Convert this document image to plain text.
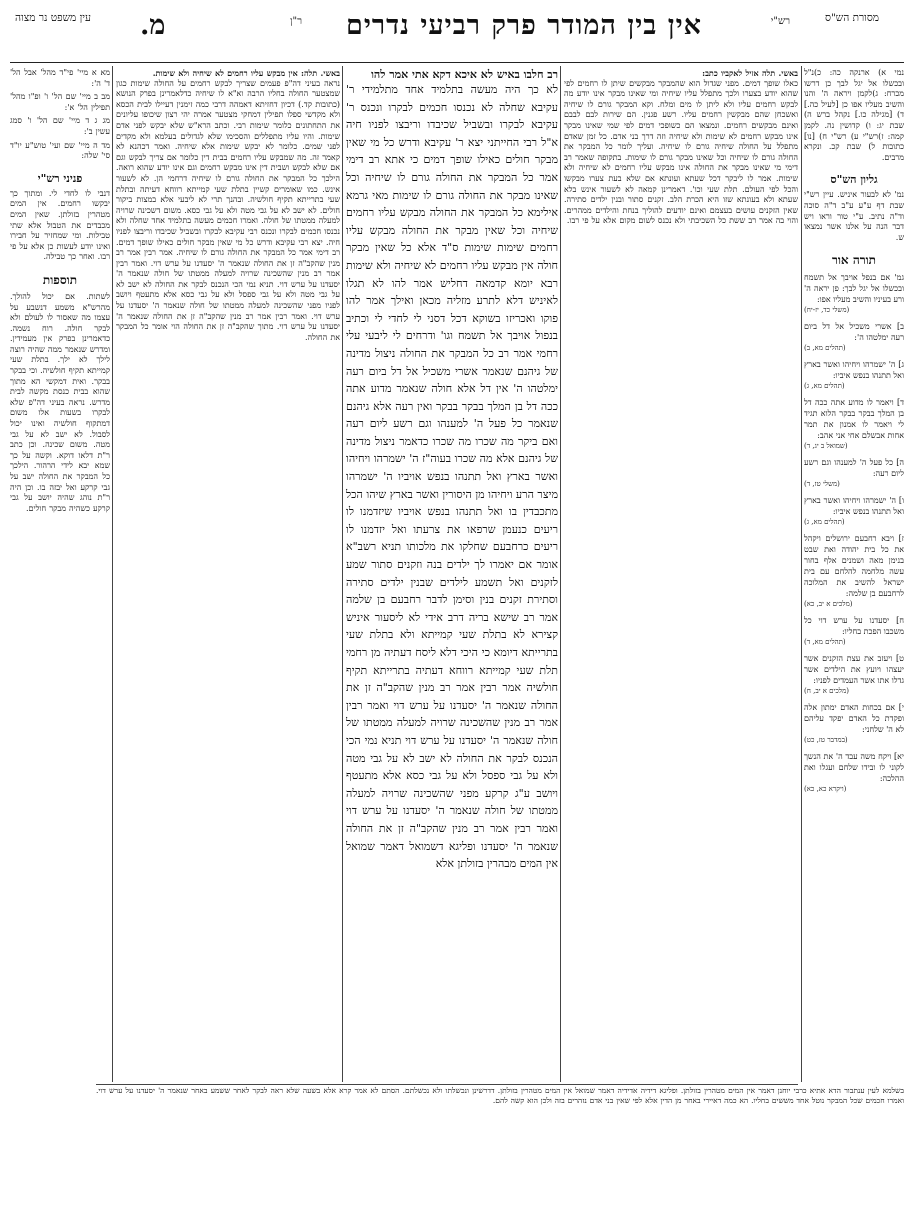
מסורת הש"ס
רש"י
אין בין המודר פרק רביעי נדרים
ר"ן
מ.
עין משפט נר מצוה

נמי א) ארנקה כה: כ)נ"ל ובכשלו אל יגל לבך כן דרשו מכרח: ג)לקמן ויראה ה' והנו והשיב מעליו אפו כן [לעיל כה.] ד) [מגילה כו.] נקהל ברש ה) שבת יג: ו) קדושין נה. לקמן קמה: ז)רש"י ע) רש"י ח) [נו] כתובות ל) שבת קכ. ונקרא מרבים.

גליון הש"ס

נמ' לא לבעור איניש. עיין רש"י שבת דף ע"ע ע"ב ד"ה סוכה וד"ה נתיב. ע"י טור וראו ויש דבר הנה על אלנו אשר נמצאו ש.

תורה אור

גמ' אם בנפל אויבך אל תשמח ובכשלו אל יגל לבך: פן יראה ה' ורע בעיניו והשיב מעליו אפו:
(משלי כד, יז-יח)

ב] אשרי משכיל אל דל ביום רעה ימלטהו ה':
(תהלים מא, ב)

ג] ה' ישמרהו ויחיהו ואשר בארץ ואל תתנהו בנפש איביו:
(תהלים מא, ג)

ד] ויאמר לו מדוע אתה ככה דל בן המלך בבקר בבקר הלוא תגיד לי ויאמר לו אמנון את תמר אחות אבשלם אחי אני אהב:
(שמואל ב יג, ד)

ה] כל פעל ה' למענהו וגם רשע ליום רעה:
(משלי טז, ד)

ו] ה' ישמרהו ויחיהו ואשר בארץ ואל תתנהו בנפש איביו:
(תהלים מא, ג)

ז] ויבא רחבעם ירושלים ויקהל את כל בית יהודה ואת שבט בנימן מאה ושמנים אלף בחור עשה מלחמה להלחם עם בית ישראל להשיב את המלוכה לרחבעם בן שלמה:
(מלכים א יב, כא)

ח] יסעדנו על ערש דוי כל משכבו הפכת בחליו:
(תהלים מא, ד)

ט] ויעזב את עצת הזקנים אשר יעצהו ויועץ את הילדים אשר גדלו אתו אשר העמדים לפניו:
(מלכים א יב, ח)

י] אם בכחות האדם ימתון אלה ופקדת כל האדם יפקד עליהם לא ה' שלחני:
(במדבר טז, כט)

יא] ויקח משה עבד ה' את הנשך לקוני לו ובידו שלחם ועגלו ואת ההלכה:
(ויקרא כא, כא)

באשי. תלה אזיל לאקביו כתב:

כאלו שופך דמים. מפני שגדול הוא שהמבקר מבקשים שיתן לו רחמים לפי שהוא יודע בצערו ולכך מתפלל עליו שיחיה ומי שאינו מבקר אינו יודע מה לבקש רחמים עליו ולא ליתן לו מים ומלח. וקא המבקר גורם לו שיחיה ואשכחן שהם מבקשין רחמים עליו. רשע פגנין. הם שירות לבם לבבם ואינם מבקשים רחמים. ונמצאו הם כשופכי דמים לפי שמי שאינו מבקר אינו מבקש רחמים לא שימות ולא שיחיה וזה דרך בני אדם. כל זמן שאדם מתפלל על החולה שיחיה גורם לו שיחיה. ועליך לומר כל המבקר את החולה גורם לו שיחיה וכל שאינו מבקר גורם לו שימות. בתקופה שאמר רב דימי מי שאינו מבקר את החולה אינו מבקש עליו רחמים לא שיחיה ולא שימות. אמר לו ליבקר דכל שעתא ועונתא אם שלא בעת צערו מבקשו והכל לפי העולם. תלת שעי וכו'. דאמרינן קמאה לא לשעור אינש בלא שעתא ולא בעונתא שזו היא הכרת הלב. זקנים סתור ובנין ילדים סתירה. שאין הזקנים עושים בעצמם ואינם יודעים להוליך בנחת והילדים ממהרים. והוי בה אמר רב ששת כל השכיבתי ולא נכנס לשום מקום אלא על פי רבו.

רב חלבו באיש לא איכא דקא אתי אמר להו

לא כך היה מעשה בתלמיד אחד מתלמידי ר' עקיבא שחלה לא נכנסו חכמים לבקרו ונכנס ר' עקיבא לבקרו ובשביל שכיבדו וריבצו לפניו חיה א"ל רבי החייתני יצא ר' עקיבא ודרש כל מי שאין מבקר חולים כאילו שופך דמים כי אתא רב דימי אמר כל המבקר את החולה גורם לו שיחיה וכל שאינו מבקר את החולה גורם לו שימות מאי גרמא אילימא כל המבקר את החולה מבקש עליו רחמים שיחיה וכל שאין מבקר את החולה מבקש עליו רחמים שימות שימות ס"ד אלא כל שאין מבקר חולה אין מבקש עליו רחמים לא שיחיה ולא שימות רבא יומא קדמאה דחליש אמר להו לא תגלו לאיניש דלא לתרע מזליה מכאן ואילך אמר להו פוקו ואכריזו בשוקא דכל דסני לי לחדי לי וכתיב בנפול אויבך אל תשמח וגו' ודרחים לי ליבעי עלי רחמי אמר רב כל המבקר את החולה ניצול מדינה של גיהנם שנאמר אשרי משכיל אל דל ביום רעה ימלטהו ה' אין דל אלא חולה שנאמר מדוע אתה ככה דל בן המלך בבקר בבקר ואין רעה אלא גיהנם שנאמר כל פעל ה' למענהו וגם רשע ליום רעה ואם ביקר מה שכרו מה שכרו כדאמר ניצול מדינה של גיהנם אלא מה שכרו בעוה"ז ה' ישמרהו ויחיהו ואשר בארץ ואל תתנהו בנפש אויביו ה' ישמרהו מיצר הרע ויחיהו מן היסורין ואשר בארץ שיהו הכל מתכבדין בו ואל תתנהו בנפש אויביו שיזדמנו לו ריעים כנעמן שרפאו את צרעתו ואל יזדמנו לו ריעים כרחבעם שחלקו את מלכותו תניא רשב"א אומר אם יאמרו לך ילדים בנה וזקנים סתור שמע לזקנים ואל תשמע לילדים שבנין ילדים סתירה וסתירת זקנים בנין וסימן לדבר רחבעם בן שלמה אמר רב שישא בריה דרב אידי לא ליסעור איניש קצירא לא בתלת שעי קמייתא ולא בתלת שעי בתרייתא דיומא כי היכי דלא ליסח דעתיה מן רחמי תלת שעי קמייתא רווחא דעתיה בתרייתא תקיף חולשיה אמר רבין אמר רב מנין שהקב"ה זן את החולה שנאמר ה' יסעדנו על ערש דוי ואמר רבין אמר רב מנין שהשכינה שרויה למעלה ממטתו של חולה שנאמר ה' יסעדנו על ערש דוי תניא נמי הכי הנכנס לבקר את החולה לא ישב לא על גבי מטה ולא על גבי ספסל ולא על גבי כסא אלא מתעטף ויושב ע"ג קרקע מפני שהשכינה שרויה למעלה ממטתו של חולה שנאמר ה' יסעדנו על ערש דוי ואמר רבין אמר רב מנין שהקב"ה זן את החולה שנאמר ה' יסעדנו ופליגא דשמואל דאמר שמואל אין המים מבהרין בזולתן אלא

באשי. תלה: אין מבקש עליו רחמים לא שיחיה ולא שימות.

נראה בעיני דה"פ פעמים שצריך לבקש רחמים על החולה שימות כגון שמצטער החולה בחליו הרבה וא"א לו שיחיה כדלאמרינן בפרק הנושא (כתובות קד.) דכיון דחזיתא דאמהה דרבי כמה זימנין דעיילו לבית הכסא ולא מקדשי ספלו תפילין דמחקי מצטער אמרה יהי רצון שיכופו עליונים את התחתונים כלומר שימות רבי. וכתב הרא"ש שלא יבקש לפני אדם שימות. והיו עליו מתפללים והסכימו שלא לגדולים בעלמא ולא מקדים לפני שמים. כלומר לא יבקש שימות אלא שיחיה. ואמר דכהנא לא קאמר זה. מה שמבקש עליו רחמים בבית דין כלומר אם צריך לבקש וגם אם שלא לבקש ושבית דין אינו מבקש רחמים וגם אינו יודע שהוא רואה. הילכך כל המבקר את החולה גורם לו שיחיה דרחמי הן. לא לשעור אינש. כמו שאומרים קשיין בתלת שעי קמייתא רווחא דעיתה ובתלת שעי בתרייתא תקיף חולשיה. ובהנך תרי לא ליבעי אלא במצות ביקור חולים. לא ישב לא על גבי מטה ולא על גבי כסא. משום דשכינה שרויה למעלה ממטתו של חולה. ואמרו חכמים מעשה בתלמיד אחד שחלה ולא נכנסו חכמים לבקרו ונכנס רבי עקיבא לבקרו ובשביל שכיבדו וריבצו לפניו חיה. יצא רבי עקיבא ודרש כל מי שאין מבקר חולים כאילו שופך דמים. רב דימי אמר כל המבקר את החולה גורם לו שיחיה. אמר רבין אמר רב מנין שהקב"ה זן את החולה שנאמר ה' יסעדנו על ערש דוי. ואמר רבין אמר רב מנין שהשכינה שרויה למעלה ממטתו של חולה שנאמר ה' יסעדנו על ערש דוי. תניא נמי הכי הנכנס לבקר את החולה לא ישב לא על גבי מטה ולא על גבי ספסל ולא על גבי כסא אלא מתעטף ויושב לפניו מפני שהשכינה למעלה ממטתו של חולה שנאמר ה' יסעדנו על ערש דוי. ואמר רבין אמר רב מנין שהקב"ה זן את החולה שנאמר ה' יסעדנו על ערש דוי. מתוך שהקב"ה זן את החולה הוי אומר כל המבקר את החולה.

מא א מיי' פי"ד מהל' אבל הל' ד' ה':

מב ב מיי' שם הל' ו' ופ"ו מהל' תפילין הל' א':

מג ג ד מיי' שם הל' ו' סמג עשין ב':

מד ה מיי' שם ועי' טוש"ע יו"ד סי' שלה:

פניני רש"י

דנבי לו לחדי לי. ומתוך כך יבקשו רחמים. אין המים מטהרין בזולתן. שאין המים מכבדים את הטבול אלא שתי טבילות. ומי שמחזיר על חבירו ואינו יודע לעשות כן אלא על פי רבו. ואחר כך טבילה.

תוספות

לשתות. אם יכול להולך. מהרש"א משמע דנשבע על עצמו מה שאסור לו לעולם ולא לבקר חולה. רוח נשמה. כדאמרינן בפרק אין מעמידין. ומדרש שנאמר ממה שהיה רוצה לילך לא ילך. בתלת שעי קמייתא תקיף חולשיה. וכי בבקר בבקר. ואית דמקשי הא מתוך שהוא בבית כנסת מקשה לבית מדרש. נראה בעיני דה"פ שלא לבקרו בשעות אלו משום דמתקוף חולשיה ואינו יכול לסבול. לא ישב לא על גבי מטה. משום שכינה. וכן כתב ר"ת דלאו דוקא. וקשה על כך שמא יבא לידי הרהור. הילכך כל המבקר את החולה ישב על גבי קרקע ואל יבזה בו. וכן היה ר"ת נוהג שהיה יושב על גבי קרקע כשהיה מבקר חולים.

בשלמא לעין ענתבור הדא אתיא כרבי יוחנן דאמר אין המים מטהרין בזולתן. ופליגא דידיה אדידיה דאמר שמואל אין המים מטהרין בזולתן. דדרשינן ונכשלתו ולא נכשלתם. הסתם לא אמר קרא אלא בשעה שלא ראה לבקר לאחר ששמע באחר שנאמר ה' יסעדנו על ערש דוי. ואמרו חכמים שכל המבקר נוטל אחד מששים בחליו. הא כמה דאיירי באחר מן הדין אלא לפי שאין בני אדם נזהרים בזה ולכן הוא קשה להם.
